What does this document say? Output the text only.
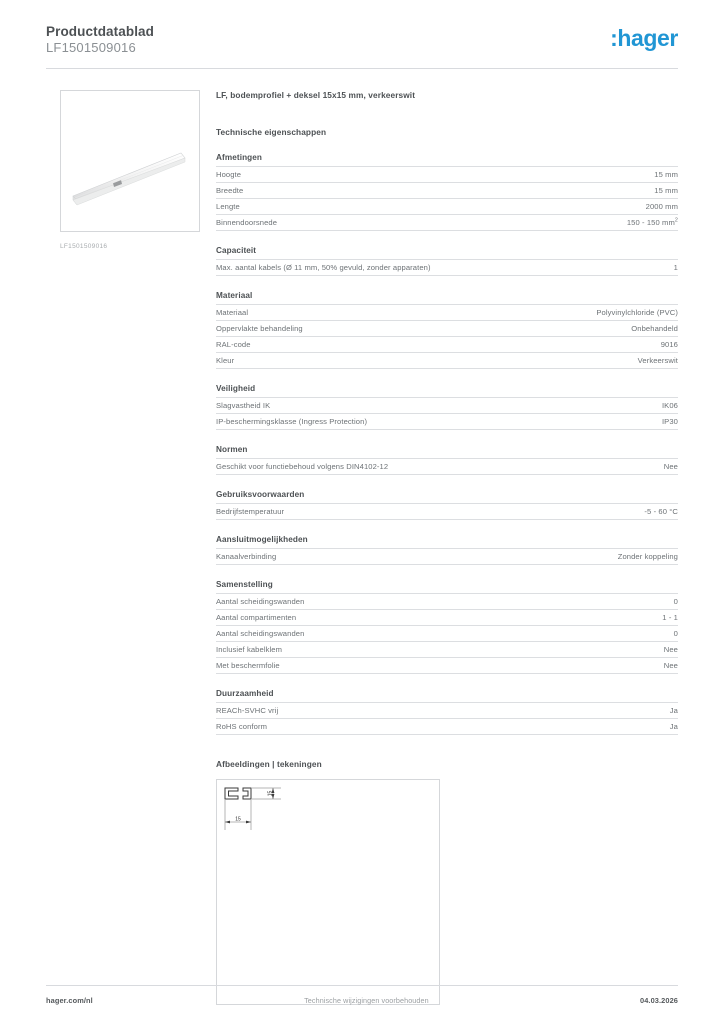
Productdatablad
LF1501509016	:hager
LF1501509016
LF, bodemprofiel + deksel 15x15 mm, verkeerswit
Technische eigenschappen
Afmetingen
Hoogte	15 mm
Breedte	15 mm
Lengte	2000 mm
Binnendoorsnede	150 - 150 $mm^2$
Capaciteit
Max. aantal kabels (Ø 11 mm, 50% gevuld, zonder apparaten)	1
Materiaal
Materiaal	Polyvinylchloride (PVC)
Oppervlakte behandeling	Onbehandeld
RAL-code	9016
Kleur	Verkeerswit
Veiligheid
Slagvastheid IK	IK06
IP-beschermingsklasse (Ingress Protection)	IP30
Normen
Geschikt voor functiebehoud volgens DIN4102-12	Nee
Gebruiksvoorwaarden
Bedrijfstemperatuur	-5 - 60 °C
Aansluitmogelijkheden
Kanaalverbinding	Zonder koppeling
Samenstelling
Aantal scheidingswanden	0
Aantal compartimenten	1 - 1
Aantal scheidingswanden	0
Inclusief kabelklem	Nee
Met beschermfolie	Nee
Duurzaamheid
REACh-SVHC vrij	Ja
RoHS conform	Ja
Afbeeldingen | tekeningen
15
15
hager.com/nl	Technische wijzigingen voorbehouden	04.03.2026
